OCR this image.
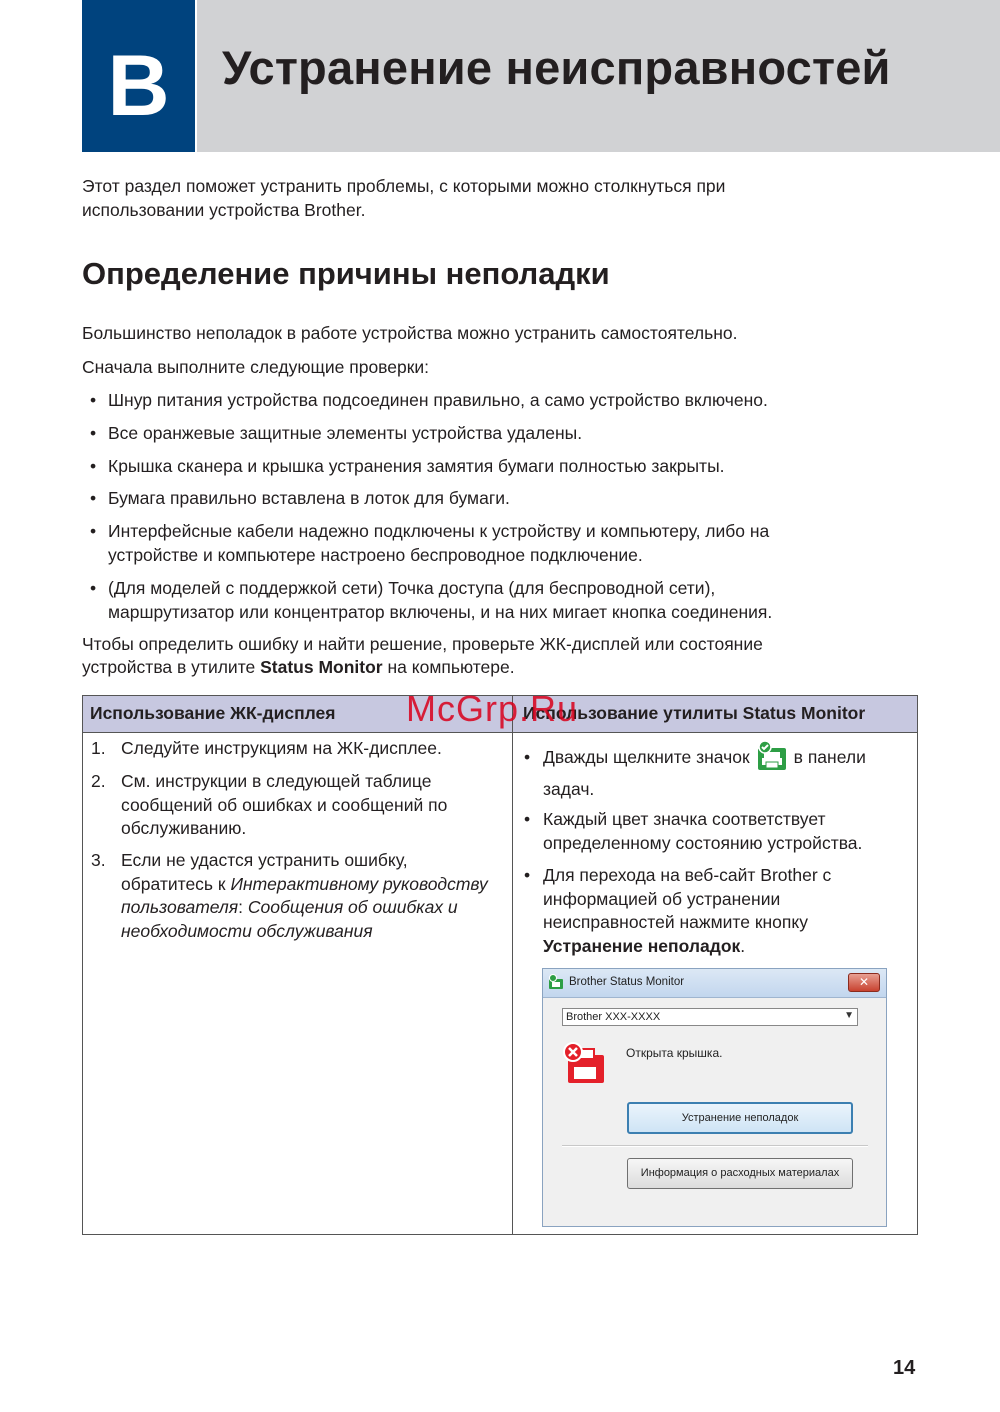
B	Устранение неисправностей
Этот раздел поможет устранить проблемы, с которыми можно столкнуться при
использовании устройства Brother.
Определение причины неполадки
Большинство неполадок в работе устройства можно устранить самостоятельно.
Сначала выполните следующие проверки:
• Шнур питания устройства подсоединен правильно, а само устройство включено.
• Все оранжевые защитные элементы устройства удалены.
• Крышка сканера и крышка устранения замятия бумаги полностью закрыты.
• Бумага правильно вставлена в лоток для бумаги.
• Интерфейсные кабели надежно подключены к устройству и компьютеру, либо на
устройстве и компьютере настроено беспроводное подключение.
• (Для моделей с поддержкой сети) Точка доступа (для беспроводной сети),
маршрутизатор или концентратор включены, и на них мигает кнопка соединения.
Чтобы определить ошибку и найти решение, проверьте ЖК-дисплей или состояние
устройства в утилите Status Monitor на компьютере.
Использование ЖК-дисплея	Использование утилиты Status Monitor
1. Следуйте инструкциям на ЖК-дисплее.
2. См. инструкции в следующей таблице сообщений об ошибках и сообщений по обслуживанию.
3. Если не удастся устранить ошибку, обратитесь к Интерактивному руководству пользователя: Сообщения об ошибках и необходимости обслуживания
• Дважды щелкните значок	в панели
задач.
• Каждый цвет значка соответствует определенному состоянию устройства.
• Для перехода на веб-сайт Brother с информацией об устранении неисправностей нажмите кнопку Устранение неполадок.
Brother Status Monitor	✕
Brother XXX-XXXX	▼
Открыта крышка.
Устранение неполадок
Информация о расходных материалах
McGrp.Ru
14
